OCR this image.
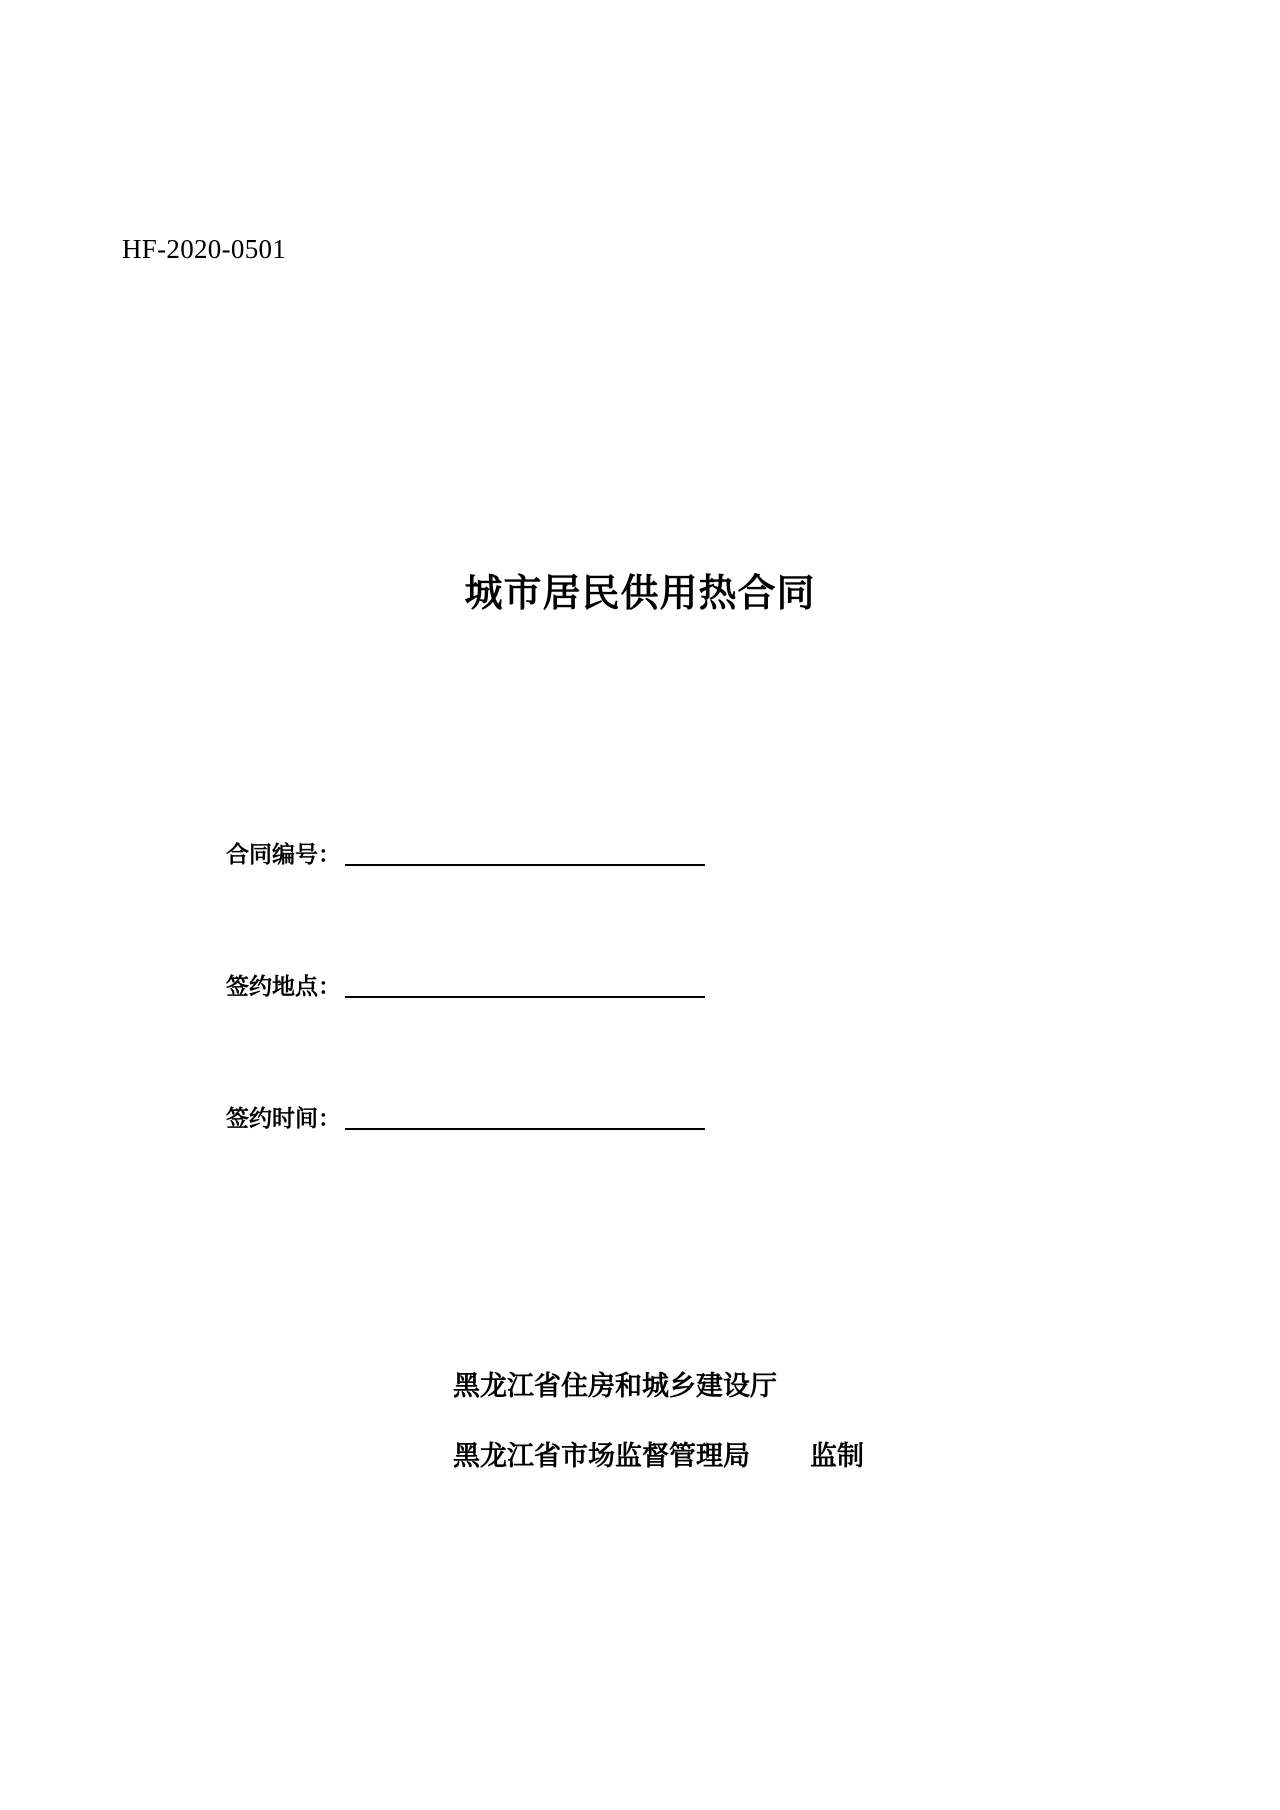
HF-2020-0501
城市居民供用热合同
合同编号：
签约地点：
签约时间：
黑龙江省住房和城乡建设厅
黑龙江省市场监督管理局 监制
